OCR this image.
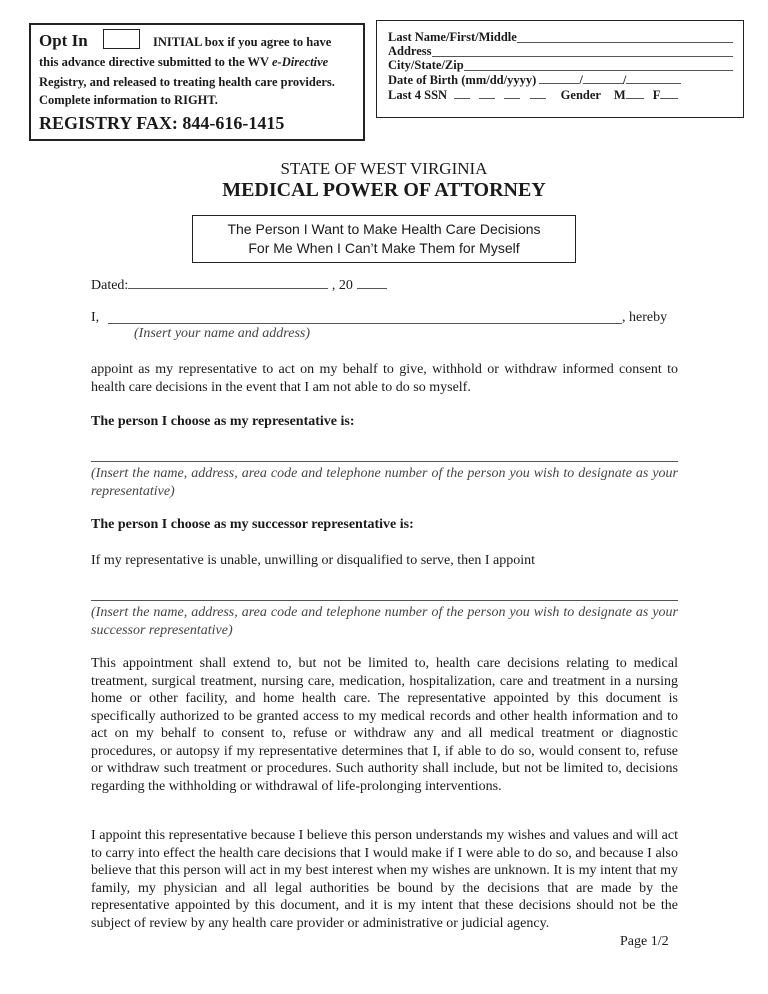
Opt In	INITIAL box if you agree to have
this advance directive submitted to the WV e-Directive
Registry, and released to treating health care providers.
Complete information to RIGHT.
REGISTRY FAX: 844-616-1415
Last Name/First/Middle
Address
City/State/Zip
Date of Birth (mm/dd/yyyy)	/	/
Last 4 SSN	Gender M F
STATE OF WEST VIRGINIA
MEDICAL POWER OF ATTORNEY
The Person I Want to Make Health Care Decisions
For Me When I Can’t Make Them for Myself
Dated:	, 20
I,	, hereby
(Insert your name and address)
appoint as my representative to act on my behalf to give, withhold or withdraw informed consent to health care decisions in the event that I am not able to do so myself.
The person I choose as my representative is:
(Insert the name, address, area code and telephone number of the person you wish to designate as your representative)
The person I choose as my successor representative is:
If my representative is unable, unwilling or disqualified to serve, then I appoint
(Insert the name, address, area code and telephone number of the person you wish to designate as your successor representative)
This appointment shall extend to, but not be limited to, health care decisions relating to medical treatment, surgical treatment, nursing care, medication, hospitalization, care and treatment in a nursing home or other facility, and home health care. The representative appointed by this document is specifically authorized to be granted access to my medical records and other health information and to act on my behalf to consent to, refuse or withdraw any and all medical treatment or diagnostic procedures, or autopsy if my representative determines that I, if able to do so, would consent to, refuse or withdraw such treatment or procedures. Such authority shall include, but not be limited to, decisions regarding the withholding or withdrawal of life-prolonging interventions.
I appoint this representative because I believe this person understands my wishes and values and will act to carry into effect the health care decisions that I would make if I were able to do so, and because I also believe that this person will act in my best interest when my wishes are unknown. It is my intent that my family, my physician and all legal authorities be bound by the decisions that are made by the representative appointed by this document, and it is my intent that these decisions should not be the subject of review by any health care provider or administrative or judicial agency.
Page 1/2
